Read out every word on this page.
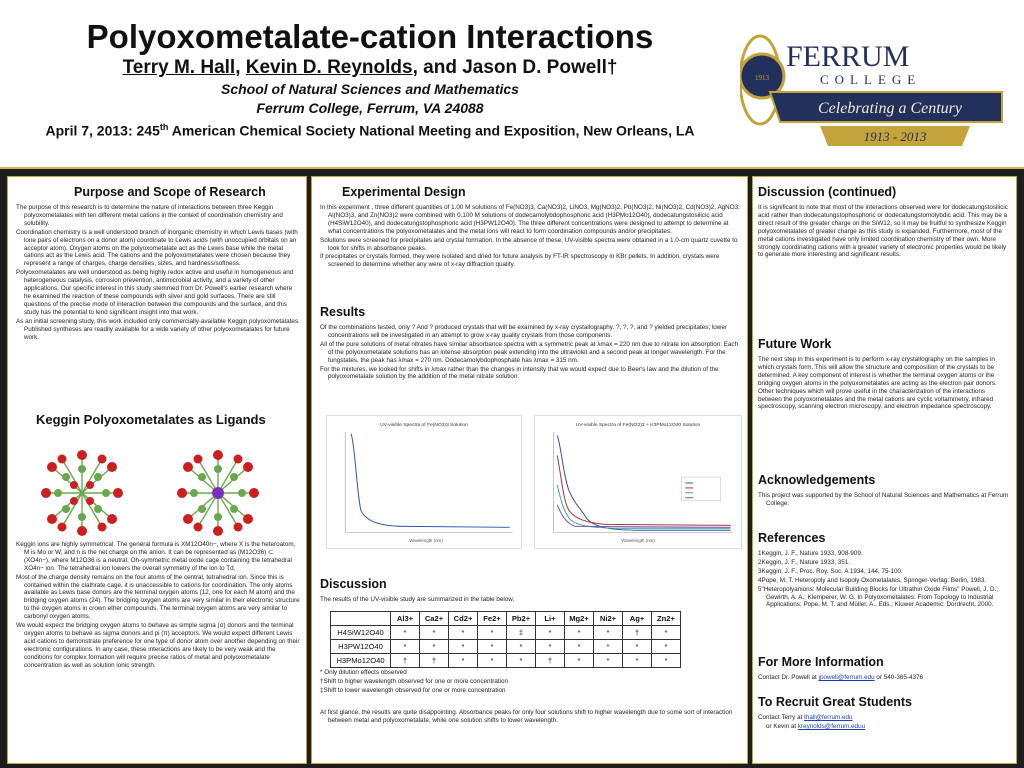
Polyoxometalate-cation Interactions
Terry M. Hall, Kevin D. Reynolds, and Jason D. Powell†
School of Natural Sciences and Mathematics
Ferrum College, Ferrum, VA 24088
April 7, 2013: 245th American Chemical Society National Meeting and Exposition, New Orleans, LA
1913
FERRUM
COLLEGE
Celebrating a Century
1913 - 2013
Purpose and Scope of Research

The purpose of this research is to determine the nature of interactions between three Keggin polyoxometalates with ten different metal cations in the context of coordination chemistry and solubility.

Coordination chemistry is a well understood branch of inorganic chemistry in which Lewis bases (with lone pairs of electrons on a donor atom) coordinate to Lewis acids (with unoccupied orbitals on an acceptor atom). Oxygen atoms on the polyoxometalate act as the Lewis base while the metal cations act as the Lewis acid. The cations and the polyoxometalates were chosen because they represent a range of charges, charge densities, sizes, and hardness/softness.

Polyoxometalates are well understood as being highly redox active and useful in homogeneous and heterogeneous catalysis, corrosion prevention, antimicrobial activity, and a variety of other applications. Our specific interest in this study stemmed from Dr. Powell's earlier research where he examined the reaction of these compounds with silver and gold surfaces. There are still questions of the precise mode of interaction between the compounds and the surface, and this study has the potential to lend significant insight into that work.

As an initial screening study, this work included only commercially-available Keggin polyoxometalates. Published syntheses are readily available for a wide variety of other polyoxometalates for future work.

Keggin Polyoxometalates as Ligands

Keggin ions are highly symmetrical. The general formula is XM12O40n−, where X is the heteroatom, M is Mo or W, and n is the net charge on the anion. It can be represented as (M12O36) ⊂ (XO4n−), where M12O36 is a neutral, Oh-symmetric metal oxide cage containing the tetrahedral XO4n− ion. The tetrahedral ion lowers the overall symmetry of the ion to Td.

Most of the charge density remains on the four atoms of the central, tetrahedral ion. Since this is contained within the clathrate cage, it is unaccessible to cations for coordination. The only atoms available as Lewis base donors are the terminal oxygen atoms (12, one for each M atom) and the bridging oxygen atoms (24). The bridging oxygen atoms are very similar in their electronic structure to the oxygen atoms in crown ether compounds. The terminal oxygen atoms are very similar to carbonyl oxygen atoms.

We would expect the bridging oxygen atoms to behave as simple sigma (σ) donors and the terminal oxygen atoms to behave as sigma donors and pi (π) acceptors. We would expect different Lewis acid cations to demonstrate preference for one type of donor atom over another depending on their electronic configurations. In any case, these interactions are likely to be very weak and the conditions for complex formation will require precise ratios of metal and polyoxometalate concentration as well as solution ionic strength.

Experimental Design

In this experiment , three different quantities of 1.00 M solutions of Fe(NO3)3, Ca(NO3)2, LiNO3, Mg(NO3)2, Pb(NO3)2, Ni(NO3)2, Cd(NO3)2, AgNO3, Al(NO3)3, and Zn(NO3)2 were combined with 0.100 M solutions of dodecamolybdophosphoric acid (H3PMo12O40), dodecatungstosilicic acid (H4SiW12O40), and dodecatungstophosphoric acid (H3PW12O40). The three different concentrations were designed to attempt to determine at what concentrations the polyoxometalates and the metal ions will react to form coordination compounds and/or precipitates.

Solutions were screened for precipitates and crystal formation. In the absence of these, UV-visible spectra were obtained in a 1.0-cm quartz cuvette to look for shifts in absorbance peaks.

If precipitates or crystals formed, they were isolated and dried for future analysis by FT-IR spectroscopy in KBr pellets. In addition, crystals were screened to determine whether any were of x-ray diffraction quality.

Results

Of the combinations tested, only ? And ? produced crystals that will be examined by x-ray crystallography. ?, ?, ?, and ? yielded precipitates; lower concentrations will be investigated in an attempt to grow x-ray quality crystals from those components.

All of the pure solutions of metal nitrates have similar absorbance spectra with a symmetric peak at λmax = 220 nm due to nitrate ion absorption. Each of the polyoxometalate solutions has an intense absorption peak extending into the ultraviolet and a second peak at longer wavelength. For the tungstates, the peak has λmax = 270 nm. Dodecamolybdophosphate has λmax = 315 nm.

For the mixtures, we looked for shifts in λmax rather than the changes in intensity that we would expect due to Beer's law and the dilution of the polyoxometalate solution by the addition of the metal nitrate solution.

UV-visible Spectra of Fe(NO3)3 Solution
Wavelength (nm)
UV-visible Spectra of Fe(NO3)3 + H3PMo12O40 Solution
Wavelength (nm)
Discussion
The results of the UV-visible study are summarized in the table below.
	Al3+	Ca2+	Cd2+	Fe2+	Pb2+	Li+	Mg2+	Ni2+	Ag+	Zn2+
H4SiW12O40	*	*	*	*	‡	*	*	*	†	*
H3PW12O40	*	*	*	*	*	*	*	*	*	*
H3PMo12O40	†	†	*	*	*	†	*	*	*	*

* Only dilution effects observed

†Shift to higher wavelength observed for one or more concentration

‡Shift to lower wavelength observed for one or more concentration

At first glance, the results are quite disappointing. Absorbance peaks for only four solutions shift to higher wavelength due to some sort of interaction between metal and polyoxometalate, while one solution shifts to lower wavelength.

Discussion (continued)
It is significant to note that most of the interactions observed were for dodecatungstosilicic acid rather than dodecatungstophosphoric or dodecatungstomolybdic acid. This may be a direct result of the greater charge on the SiW12, so it may be fruitful to synthesize Keggin polyoxometalates of greater charge as this study is expanded. Furthermore, most of the metal cations investigated have only limited coordination chemistry of their own. More strongly coordinating cations with a greater variety of electronic properties would be likely to generate more interesting and significant results.
Future Work
The next step in this experiment is to perform x-ray crystallography on the samples in which crystals form. This will allow the structure and composition of the crystals to be determined. A key component of interest is whether the terminal oxygen atoms or the bridging oxygen atoms in the polyoxometalates are acting as the electron pair donors. Other techniques which will prove useful in the characterization of the interactions between the polyoxometalates and the metal cations are cyclic voltammetry, infrared spectroscopy, scanning electron microscopy, and electron impedance spectroscopy.
Acknowledgements
This project was supported by the School of Natural Sciences and Mathematics at Ferrum College.
References

1Keggin, J. F., Nature 1933, 908-909.

2Keggin, J. F., Nature 1933, 351.

3Keggin, J. F., Proc. Roy. Soc. A 1934, 144, 75-100.

4Pope, M. T. Heteropoly and Isopoly Oxometalates, Springer-Verlag: Berlin, 1983.

5"Heteropolyanions: Molecular Building Blocks for Ultrathin Oxide Films" Powell, J. D.; Gewirth, A. A.; Klemperer, W. G. In Polyoxometalates: From Topology to Industrial Applications; Pope, M. T. and Müller, A., Eds.; Kluwer Academic: Dordrecht, 2000.

For More Information
Contact Dr. Powell at jpowell@ferrum.edu or 540-365-4376
To Recruit Great Students

Contact Terry at thall@ferrum.edu

or Kevin at kreynolds@ferrum.eduu
